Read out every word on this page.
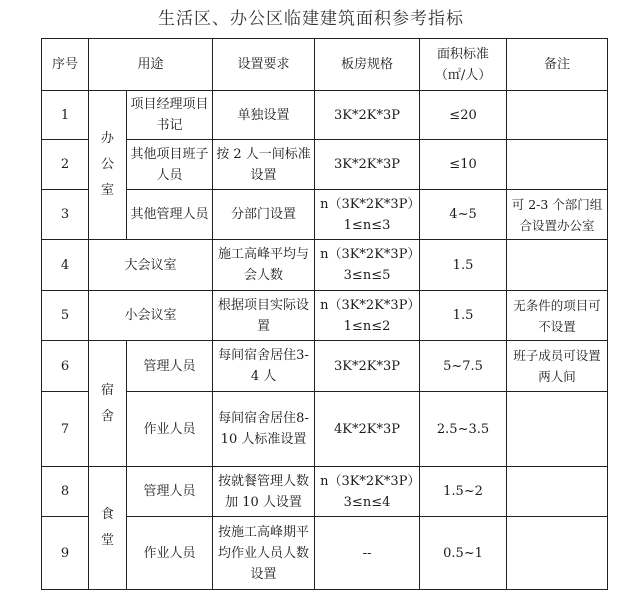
生活区、办公区临建建筑面积参考指标
序号	用途		设置要求	板房规格	面积标准（㎡/人）	备注
1	办公室	项目经理项目书记	单独设置	3K*2K*3P	≤20	
2		其他项目班子人员	按 2 人一间标准设置	3K*2K*3P	≤10	
3		其他管理人员	分部门设置	n（3K*2K*3P）1≤n≤3	4~5	可 2-3 个部门组合设置办公室
4	大会议室		施工高峰平均与会人数	n（3K*2K*3P）3≤n≤5	1.5	
5	小会议室		根据项目实际设置	n（3K*2K*3P）1≤n≤2	1.5	无条件的项目可不设置
6	宿舍	管理人员	每间宿舍居住3-4 人	3K*2K*3P	5~7.5	班子成员可设置两人间
7		作业人员	每间宿舍居住8-10 人标准设置	4K*2K*3P	2.5~3.5	
8	食堂	管理人员	按就餐管理人数加 10 人设置	n（3K*2K*3P）3≤n≤4	1.5~2	
9		作业人员	按施工高峰期平均作业人员人数设置	--	0.5~1	
